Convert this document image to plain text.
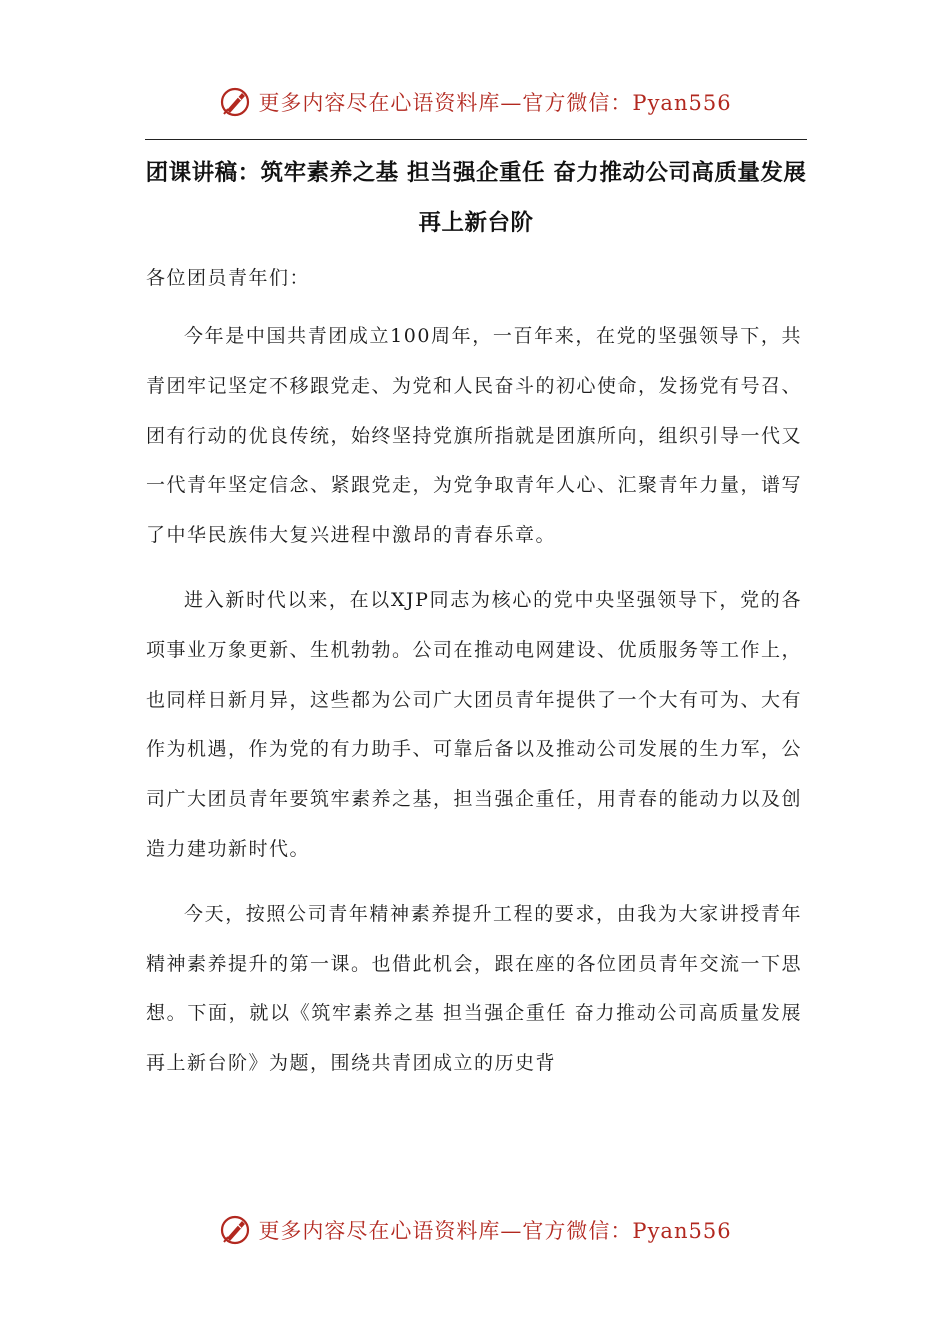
更多内容尽在心语资料库—官方微信：Pyan556
团课讲稿：筑牢素养之基 担当强企重任 奋力推动公司高质量发展再上新台阶
各位团员青年们：

今年是中国共青团成立100周年，一百年来，在党的坚强领导下，共青团牢记坚定不移跟党走、为党和人民奋斗的初心使命，发扬党有号召、团有行动的优良传统，始终坚持党旗所指就是团旗所向，组织引导一代又一代青年坚定信念、紧跟党走，为党争取青年人心、汇聚青年力量，谱写了中华民族伟大复兴进程中激昂的青春乐章。

进入新时代以来，在以XJP同志为核心的党中央坚强领导下，党的各项事业万象更新、生机勃勃。公司在推动电网建设、优质服务等工作上，也同样日新月异，这些都为公司广大团员青年提供了一个大有可为、大有作为机遇，作为党的有力助手、可靠后备以及推动公司发展的生力军，公司广大团员青年要筑牢素养之基，担当强企重任，用青春的能动力以及创造力建功新时代。

今天，按照公司青年精神素养提升工程的要求，由我为大家讲授青年精神素养提升的第一课。也借此机会，跟在座的各位团员青年交流一下思想。下面，就以《筑牢素养之基 担当强企重任 奋力推动公司高质量发展再上新台阶》为题，围绕共青团成立的历史背

更多内容尽在心语资料库—官方微信：Pyan556
